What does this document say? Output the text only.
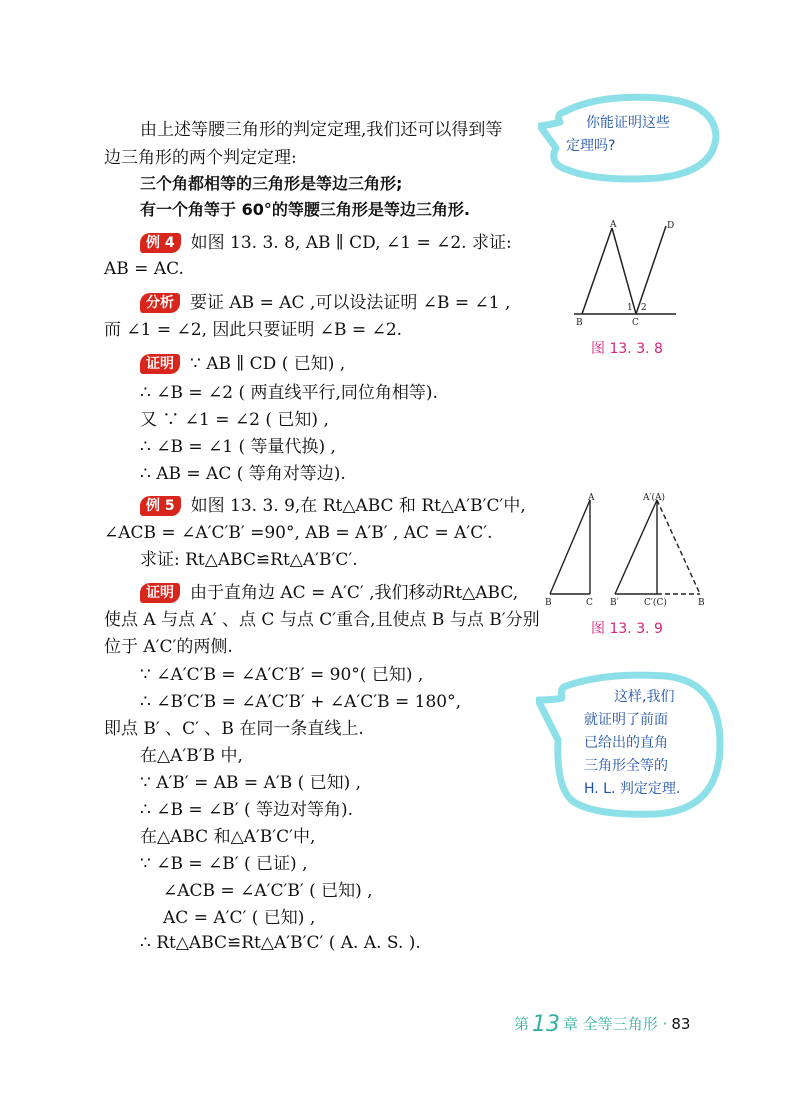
由上述等腰三角形的判定定理,我们还可以得到等
边三角形的两个判定定理:
三个角都相等的三角形是等边三角形;
有一个角等于 60°的等腰三角形是等边三角形.
例 4 如图 13. 3. 8, AB ∥ CD, ∠1 = ∠2. 求证:
AB = AC.
分析 要证 AB = AC ,可以设法证明 ∠B = ∠1 ,
而 ∠1 = ∠2, 因此只要证明 ∠B = ∠2.
证明 ∵ AB ∥ CD ( 已知) ,
∴ ∠B = ∠2 ( 两直线平行,同位角相等).
又 ∵ ∠1 = ∠2 ( 已知) ,
∴ ∠B = ∠1 ( 等量代换) ,
∴ AB = AC ( 等角对等边).
例 5 如图 13. 3. 9,在 Rt△ABC 和 Rt△A′B′C′中,
∠ACB = ∠A′C′B′ =90°, AB = A′B′ , AC = A′C′.
求证: Rt△ABC≌Rt△A′B′C′.
证明 由于直角边 AC = A′C′ ,我们移动Rt△ABC,
使点 A 与点 A′ 、点 C 与点 C′重合,且使点 B 与点 B′分别
位于 A′C′的两侧.
∵ ∠A′C′B = ∠A′C′B′ = 90°( 已知) ,
∴ ∠B′C′B = ∠A′C′B′ + ∠A′C′B = 180°,
即点 B′ 、C′ 、B 在同一条直线上.
在△A′B′B 中,
∵ A′B′ = AB = A′B ( 已知) ,
∴ ∠B = ∠B′ ( 等边对等角).
在△ABC 和△A′B′C′中,
∵ ∠B = ∠B′ ( 已证) ,
∠ACB = ∠A′C′B′ ( 已知) ,
AC = A′C′ ( 已知) ,
∴ Rt△ABC≌Rt△A′B′C′ ( A. A. S. ).
你能证明这些
定理吗?
A	D
B	C
1 2
图 13. 3. 8
A	A′(A)
B	C B′	C′(C)	B
图 13. 3. 9
这样,我们
就证明了前面
已给出的直角
三角形全等的
H. L. 判定定理.
第 13 章 全等三角形 · 83
